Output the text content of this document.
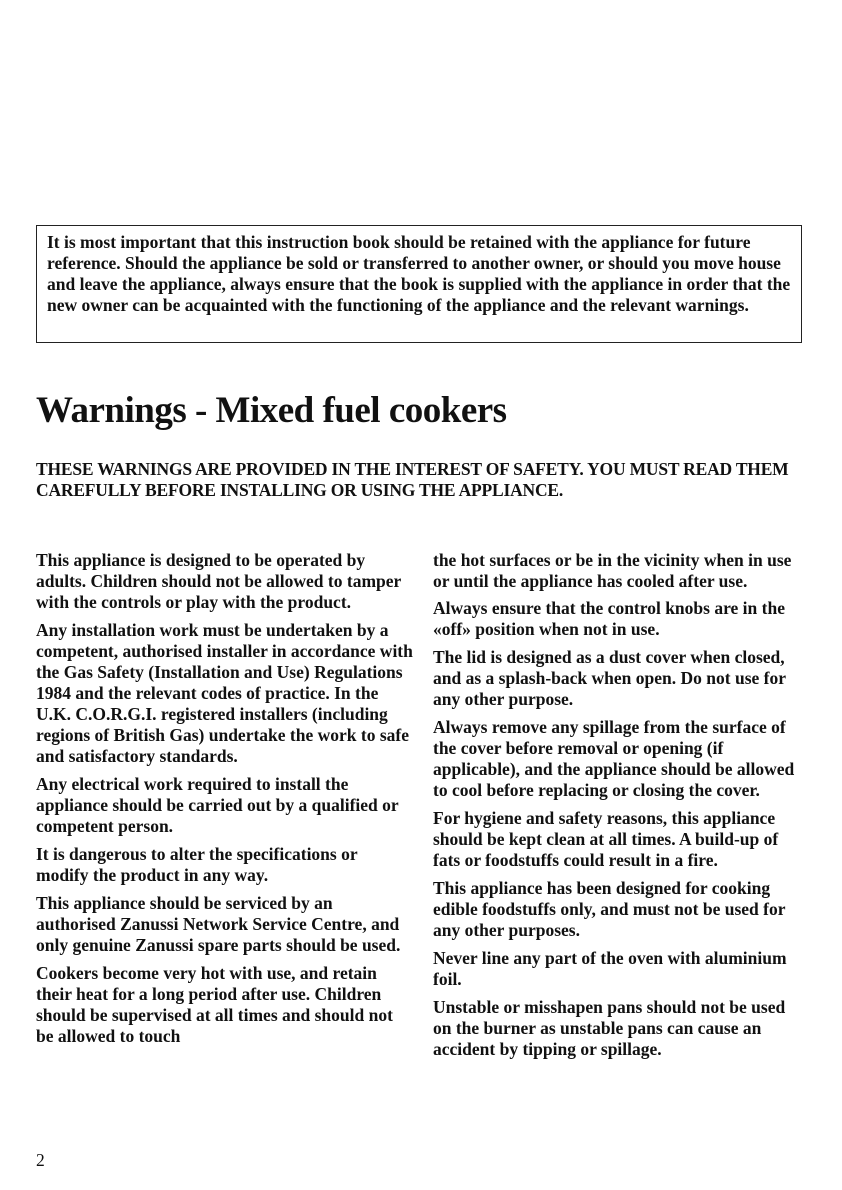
It is most important that this instruction book should be retained with the appliance for future reference. Should the appliance be sold or transferred to another owner, or should you move house and leave the appliance, always ensure that the book is supplied with the appliance in order that the new owner can be acquainted with the functioning of the appliance and the relevant warnings.

Warnings - Mixed fuel cookers

THESE WARNINGS ARE PROVIDED IN THE INTEREST OF SAFETY. YOU MUST READ THEM CAREFULLY BEFORE INSTALLING OR USING THE APPLIANCE.

This appliance is designed to be operated by adults. Children should not be allowed to tamper with the controls or play with the product.

Any installation work must be undertaken by a competent, authorised installer in accordance with the Gas Safety (Installation and Use) Regulations 1984 and the relevant codes of practice. In the U.K. C.O.R.G.I. registered installers (including regions of British Gas) undertake the work to safe and satisfactory standards.

Any electrical work required to install the appliance should be carried out by a qualified or competent person.

It is dangerous to alter the specifications or modify the product in any way.

This appliance should be serviced by an authorised Zanussi Network Service Centre, and only genuine Zanussi spare parts should be used.

Cookers become very hot with use, and retain their heat for a long period after use. Children should be supervised at all times and should not be allowed to touch

the hot surfaces or be in the vicinity when in use or until the appliance has cooled after use.

Always ensure that the control knobs are in the «off» position when not in use.

The lid is designed as a dust cover when closed, and as a splash-back when open. Do not use for any other purpose.

Always remove any spillage from the surface of the cover before removal or opening (if applicable), and the appliance should be allowed to cool before replacing or closing the cover.

For hygiene and safety reasons, this appliance should be kept clean at all times. A build-up of fats or foodstuffs could result in a fire.

This appliance has been designed for cooking edible foodstuffs only, and must not be used for any other purposes.

Never line any part of the oven with aluminium foil.

Unstable or misshapen pans should not be used on the burner as unstable pans can cause an accident by tipping or spillage.

2
